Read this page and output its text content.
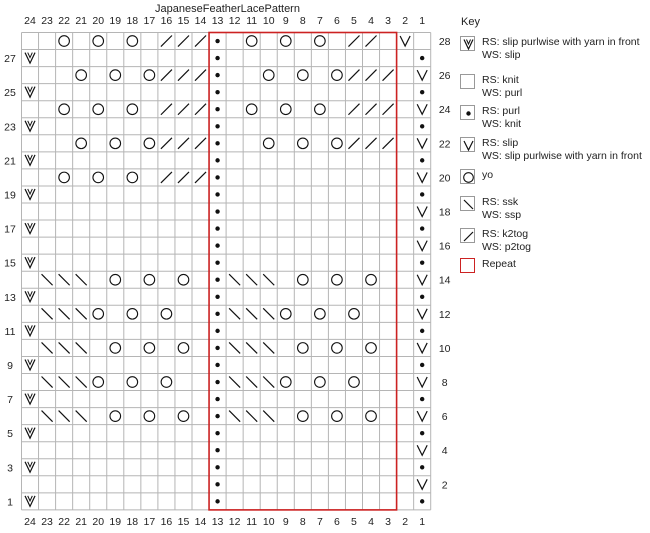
JapaneseFeatherLacePattern
1
1
2
2
3
3
4
4
5
5
6
6
7
7
8
8
9
9
10
10
11
11
12
12
13
13
14
14
15
15
16
16
17
17
18
18
19
19
20
20
21
21
22
22
23
23
24
24
1
2
3
4
5
6
7
8
9
10
11
12
13
14
15
16
17
18
19
20
21
22
23
24
25
26
27
28
Key
RS: slip purlwise with yarn in front
WS: slip
RS: knit
WS: purl
RS: purl
WS: knit
RS: slip
WS: slip purlwise with yarn in front
yo
RS: ssk
WS: ssp
RS: k2tog
WS: p2tog
Repeat
